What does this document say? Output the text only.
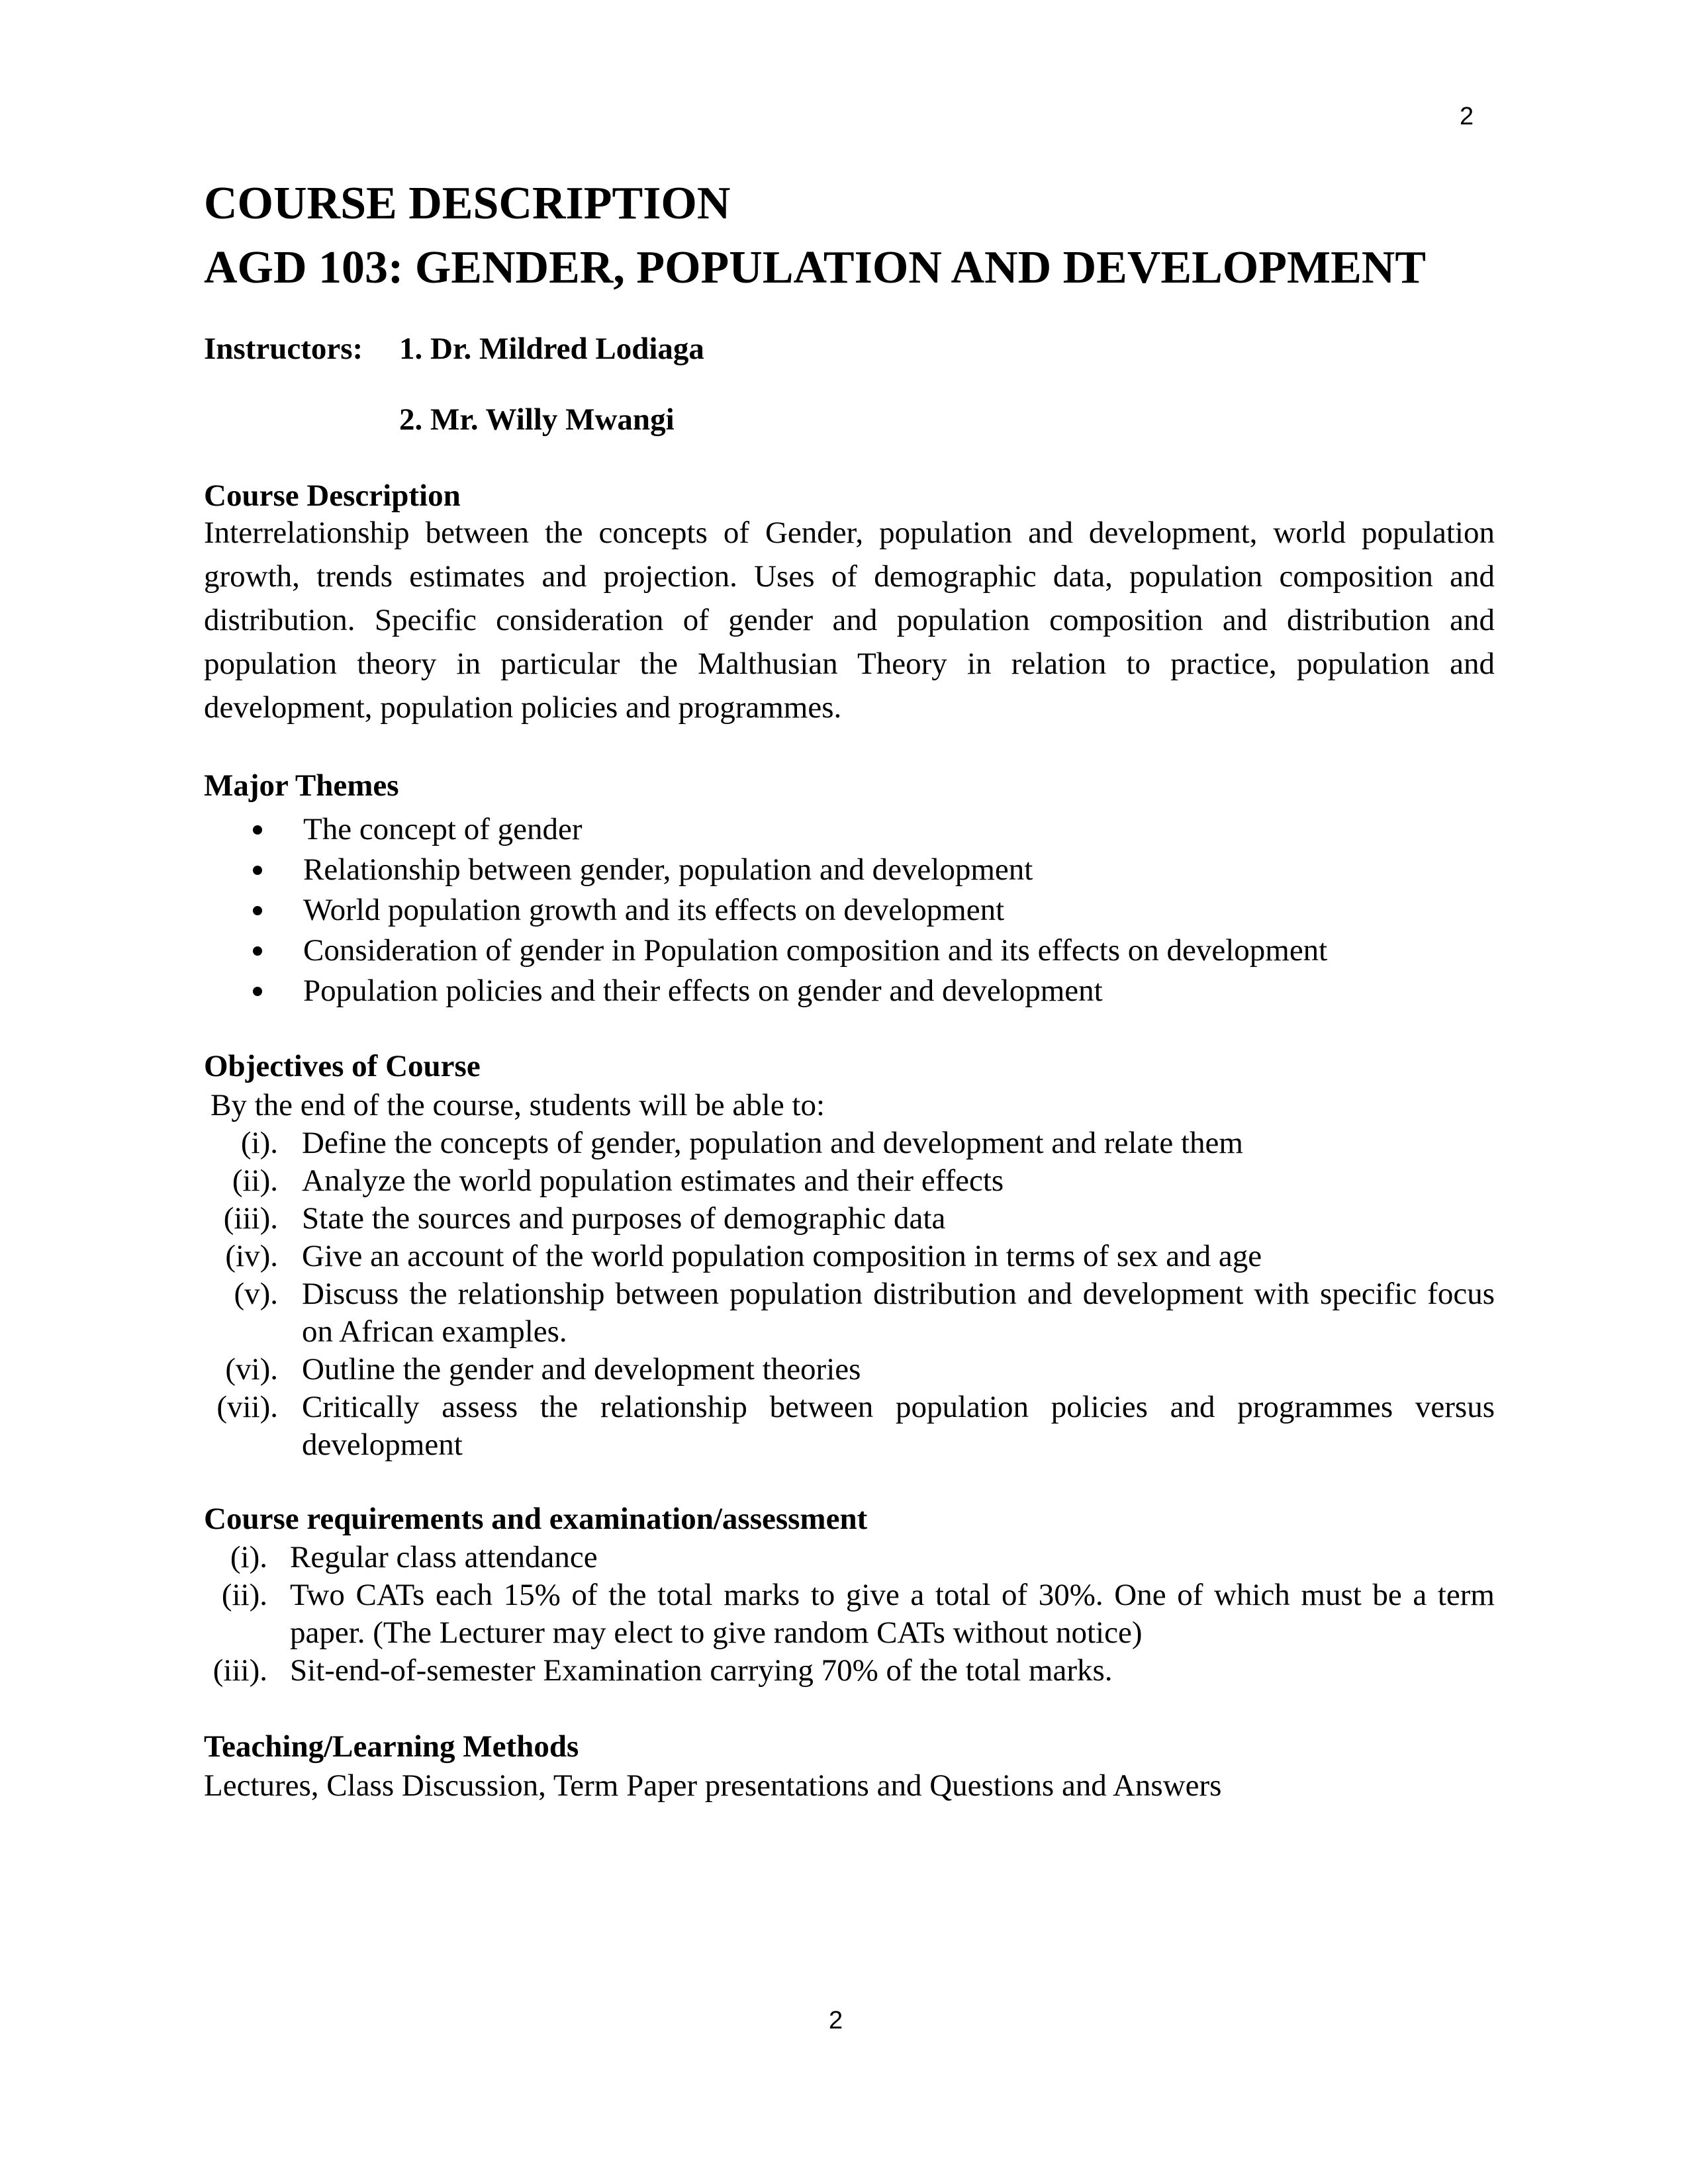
2
COURSE DESCRIPTION
AGD 103: GENDER, POPULATION AND DEVELOPMENT
Instructors: 1. Dr. Mildred Lodiaga
2. Mr. Willy Mwangi
Course Description
Interrelationship between the concepts of Gender, population and development, world population growth, trends estimates and projection. Uses of demographic data, population composition and distribution. Specific consideration of gender and population composition and distribution and population theory in particular the Malthusian Theory in relation to practice, population and development, population policies and programmes.
Major Themes
The concept of gender
Relationship between gender, population and development
World population growth and its effects on development
Consideration of gender in Population composition and its effects on development
Population policies and their effects on gender and development
Objectives of Course
By the end of the course, students will be able to:
(i). Define the concepts of gender, population and development and relate them
(ii). Analyze the world population estimates and their effects
(iii). State the sources and purposes of demographic data
(iv). Give an account of the world population composition in terms of sex and age
(v). Discuss the relationship between population distribution and development with specific focus on African examples.
(vi). Outline the gender and development theories
(vii). Critically assess the relationship between population policies and programmes versus development
Course requirements and examination/assessment
(i). Regular class attendance
(ii). Two CATs each 15% of the total marks to give a total of 30%. One of which must be a term paper. (The Lecturer may elect to give random CATs without notice)
(iii). Sit-end-of-semester Examination carrying 70% of the total marks.
Teaching/Learning Methods
Lectures, Class Discussion, Term Paper presentations and Questions and Answers
2
